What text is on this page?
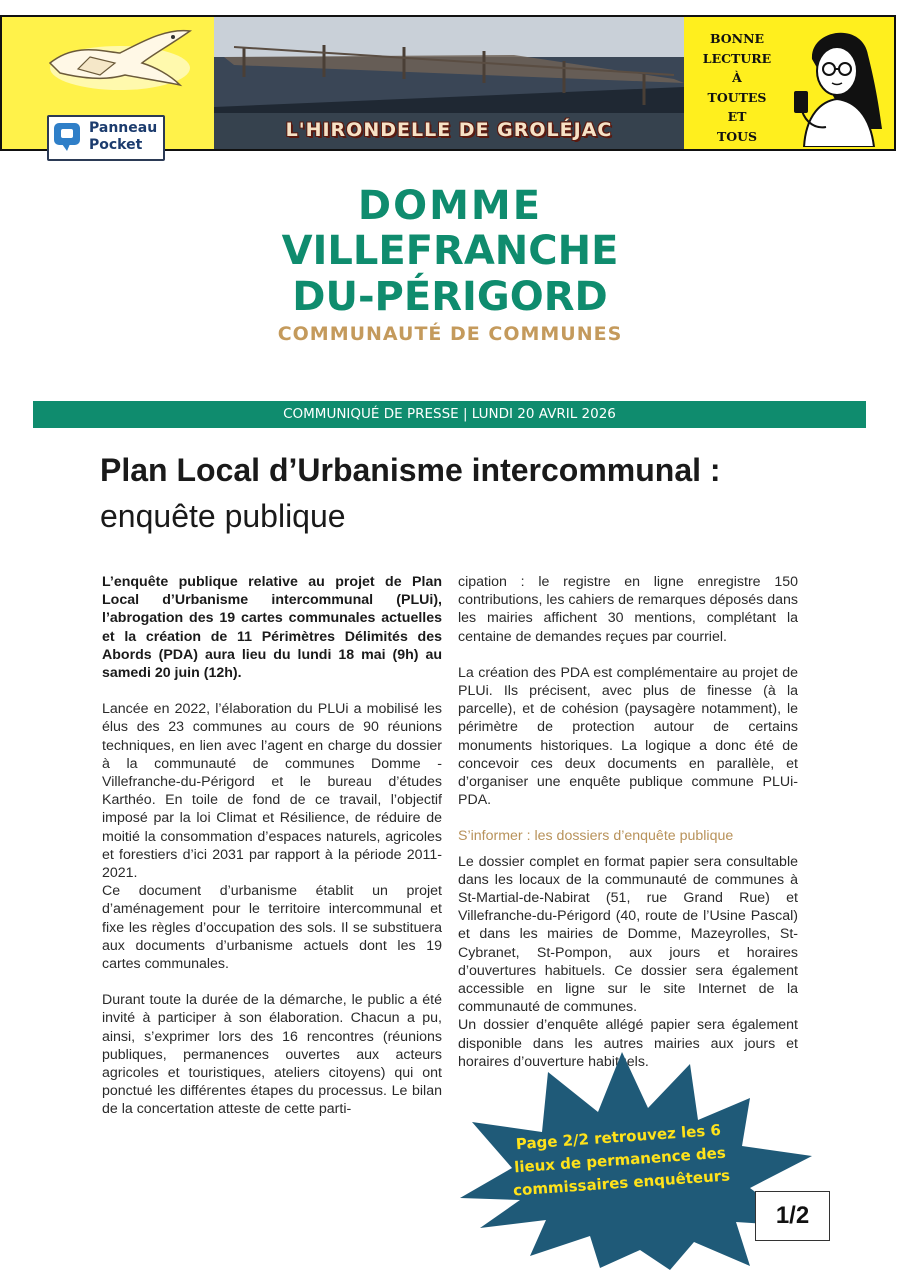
Panneau
Pocket
L'HIRONDELLE DE GROLÉJAC
BONNE
LECTURE
À
TOUTES
ET
TOUS
DOMME
VILLEFRANCHE
DU-PÉRIGORD
COMMUNAUTÉ DE COMMUNES
COMMUNIQUÉ DE PRESSE | LUNDI 20 AVRIL 2026
Plan Local d’Urbanisme intercommunal :
enquête publique

L’enquête publique relative au projet de Plan Local d’Urbanisme intercommunal (PLUi), l’abrogation des 19 cartes communales actuelles et la création de 11 Périmètres Délimités des Abords (PDA) aura lieu du lundi 18 mai (9h) au samedi 20 juin (12h).

Lancée en 2022, l’élaboration du PLUi a mobilisé les élus des 23 communes au cours de 90 réunions techniques, en lien avec l’agent en charge du dossier à la communauté de communes Domme - Villefranche-du-Périgord et le bureau d’études Karthéo. En toile de fond de ce travail, l’objectif imposé par la loi Climat et Résilience, de réduire de moitié la consommation d’espaces naturels, agricoles et forestiers d’ici 2031 par rapport à la période 2011-2021.

Ce document d’urbanisme établit un projet d’aménagement pour le territoire intercommunal et fixe les règles d’occupation des sols. Il se substituera aux documents d’urbanisme actuels dont les 19 cartes communales.

Durant toute la durée de la démarche, le public a été invité à participer à son élaboration. Chacun a pu, ainsi, s’exprimer lors des 16 rencontres (réunions publiques, permanences ouvertes aux acteurs agricoles et touristiques, ateliers citoyens) qui ont ponctué les différentes étapes du processus. Le bilan de la concertation atteste de cette parti-

cipation : le registre en ligne enregistre 150 contributions, les cahiers de remarques déposés dans les mairies affichent 30 mentions, complétant la centaine de demandes reçues par courriel.

La création des PDA est complémentaire au projet de PLUi. Ils précisent, avec plus de finesse (à la parcelle), et de cohésion (paysagère notamment), le périmètre de protection autour de certains monuments historiques. La logique a donc été de concevoir ces deux documents en parallèle, et d’organiser une enquête publique commune PLUi-PDA.

S’informer : les dossiers d’enquête publique

Le dossier complet en format papier sera consultable dans les locaux de la communauté de communes à St-Martial-de-Nabirat (51, rue Grand Rue) et Villefranche-du-Périgord (40, route de l’Usine Pascal) et dans les mairies de Domme, Mazeyrolles, St-Cybranet, St-Pompon, aux jours et horaires d’ouvertures habituels. Ce dossier sera également accessible en ligne sur le site Internet de la communauté de communes.

Un dossier d’enquête allégé papier sera également disponible dans les autres mairies aux jours et horaires d’ouverture habituels.

Page 2/2 retrouvez les 6 lieux de permanence des commissaires enquêteurs
1/2
